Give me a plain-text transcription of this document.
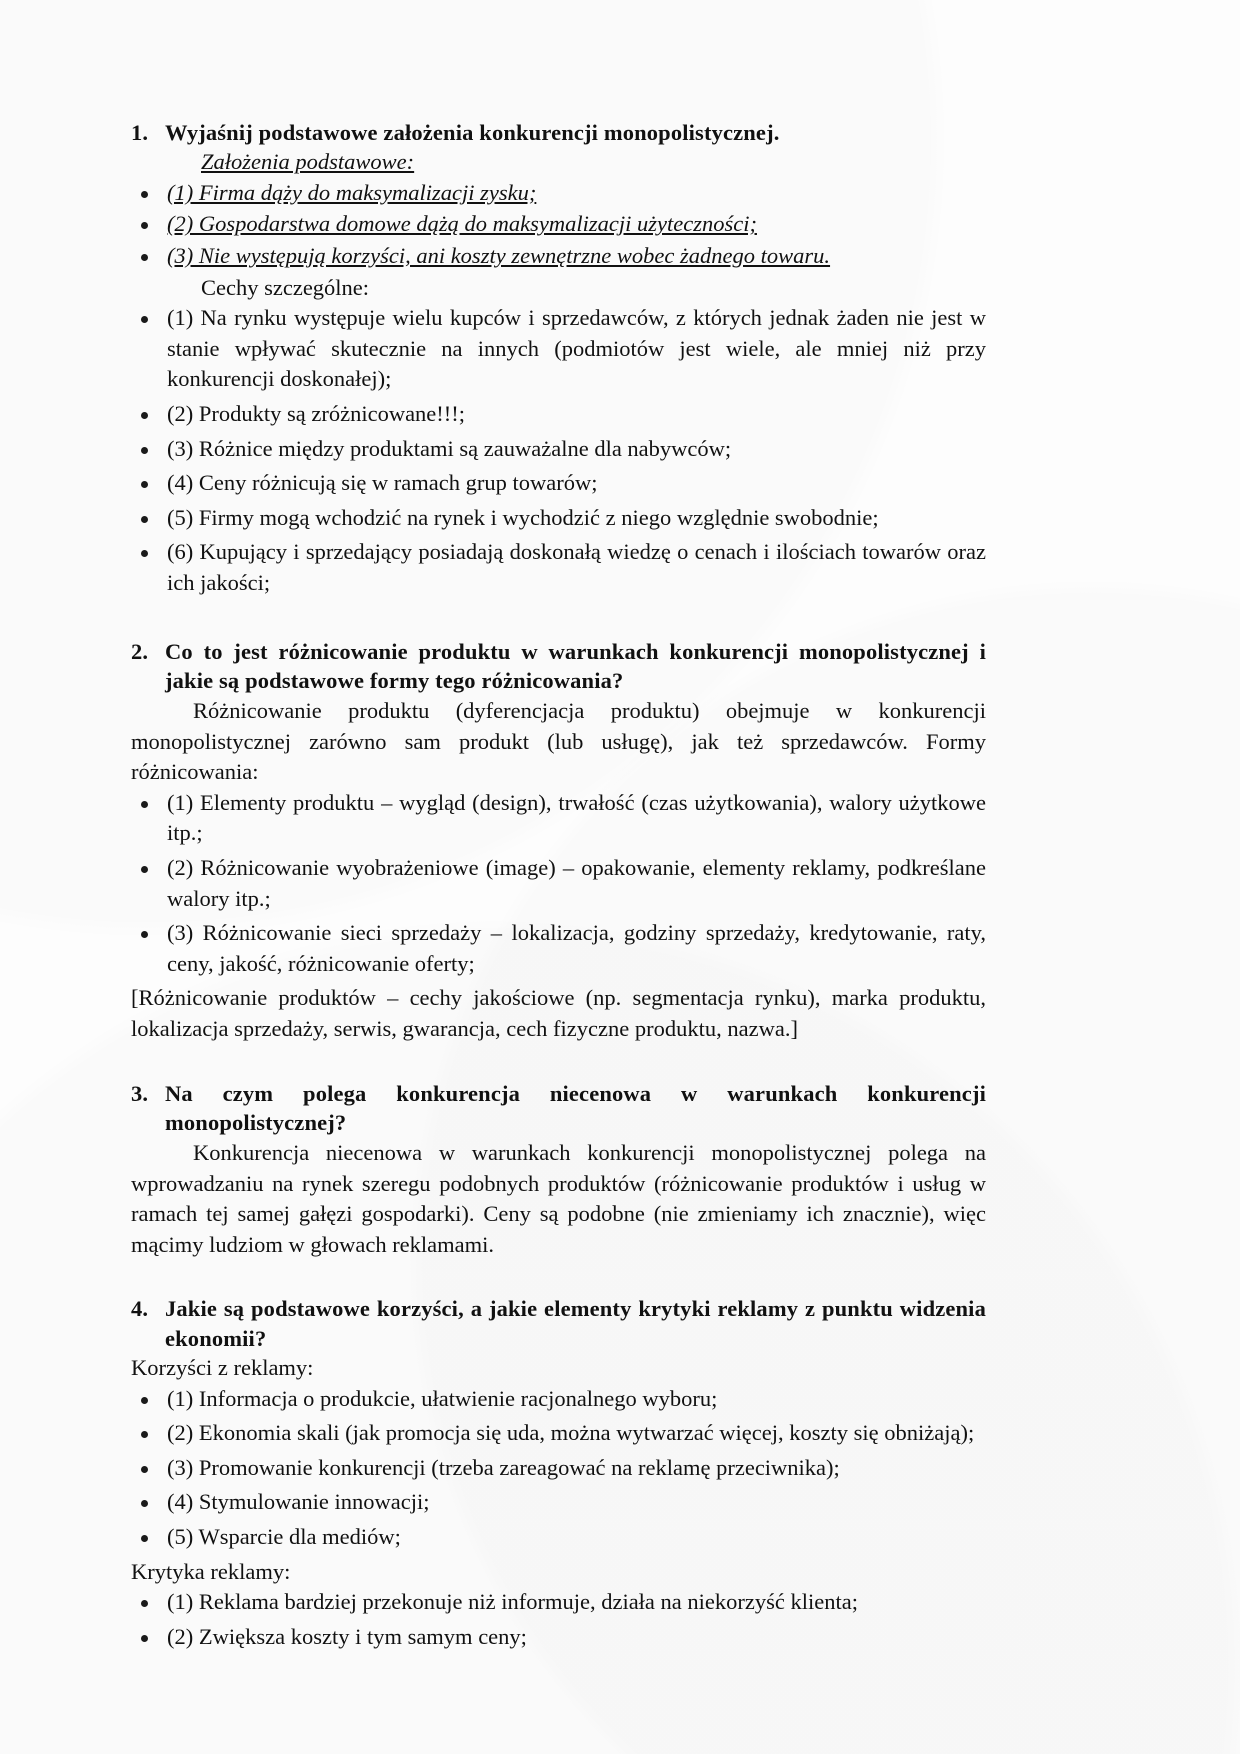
1. Wyjaśnij podstawowe założenia konkurencji monopolistycznej.

Założenia podstawowe:

(1) Firma dąży do maksymalizacji zysku;
(2) Gospodarstwa domowe dążą do maksymalizacji użyteczności;
(3) Nie występują korzyści, ani koszty zewnętrzne wobec żadnego towaru.

Cechy szczególne:

(1) Na rynku występuje wielu kupców i sprzedawców, z których jednak żaden nie jest w stanie wpływać skutecznie na innych (podmiotów jest wiele, ale mniej niż przy konkurencji doskonałej);
(2) Produkty są zróżnicowane!!!;
(3) Różnice między produktami są zauważalne dla nabywców;
(4) Ceny różnicują się w ramach grup towarów;
(5) Firmy mogą wchodzić na rynek i wychodzić z niego względnie swobodnie;
(6) Kupujący i sprzedający posiadają doskonałą wiedzę o cenach i ilościach towarów oraz ich jakości;
2. Co to jest różnicowanie produktu w warunkach konkurencji monopolistycznej i jakie są podstawowe formy tego różnicowania?

Różnicowanie produktu (dyferencjacja produktu) obejmuje w konkurencji monopolistycznej zarówno sam produkt (lub usługę), jak też sprzedawców. Formy różnicowania:

(1) Elementy produktu – wygląd (design), trwałość (czas użytkowania), walory użytkowe itp.;
(2) Różnicowanie wyobrażeniowe (image) – opakowanie, elementy reklamy, podkreślane walory itp.;
(3) Różnicowanie sieci sprzedaży – lokalizacja, godziny sprzedaży, kredytowanie, raty, ceny, jakość, różnicowanie oferty;

[Różnicowanie produktów – cechy jakościowe (np. segmentacja rynku), marka produktu, lokalizacja sprzedaży, serwis, gwarancja, cech fizyczne produktu, nazwa.]

3. Na czym polega konkurencja niecenowa w warunkach konkurencji monopolistycznej?

Konkurencja niecenowa w warunkach konkurencji monopolistycznej polega na wprowadzaniu na rynek szeregu podobnych produktów (różnicowanie produktów i usług w ramach tej samej gałęzi gospodarki). Ceny są podobne (nie zmieniamy ich znacznie), więc mącimy ludziom w głowach reklamami.

4. Jakie są podstawowe korzyści, a jakie elementy krytyki reklamy z punktu widzenia ekonomii?

Korzyści z reklamy:

(1) Informacja o produkcie, ułatwienie racjonalnego wyboru;
(2) Ekonomia skali (jak promocja się uda, można wytwarzać więcej, koszty się obniżają);
(3) Promowanie konkurencji (trzeba zareagować na reklamę przeciwnika);
(4) Stymulowanie innowacji;
(5) Wsparcie dla mediów;

Krytyka reklamy:

(1) Reklama bardziej przekonuje niż informuje, działa na niekorzyść klienta;
(2) Zwiększa koszty i tym samym ceny;
